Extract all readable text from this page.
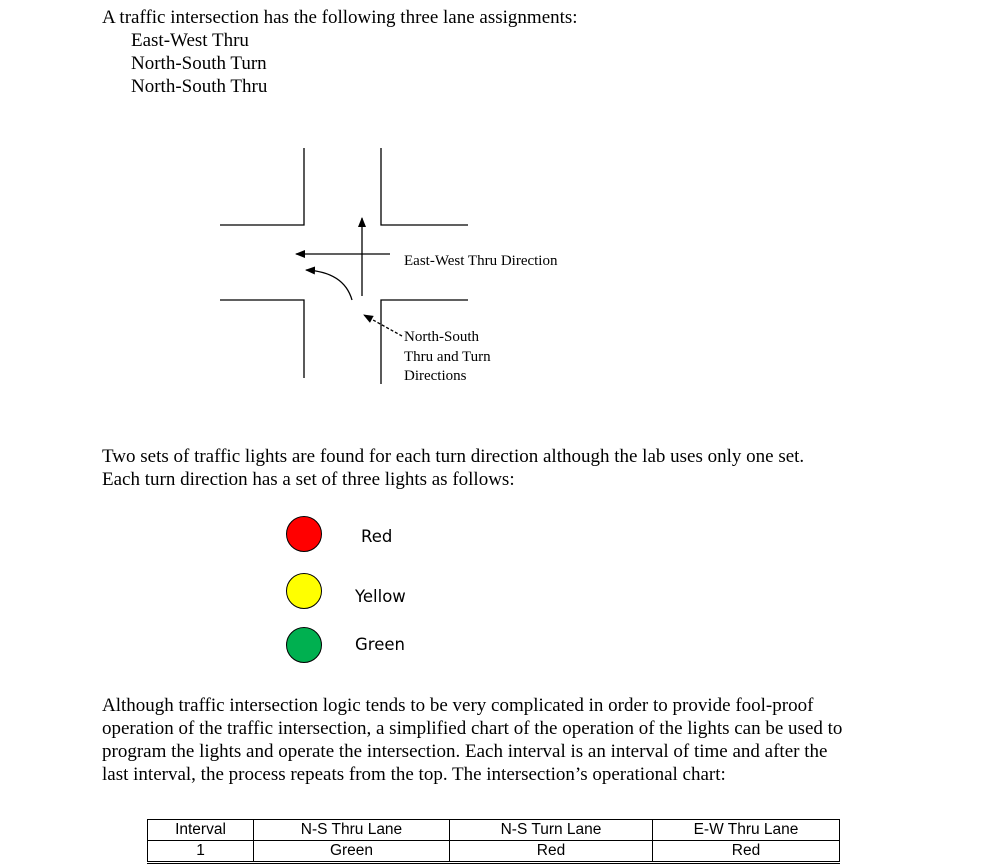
A traffic intersection has the following three lane assignments:
East-West Thru
North-South Turn
North-South Thru
East-West Thru Direction
North-South
Thru and Turn
Directions
Two sets of traffic lights are found for each turn direction although the lab uses only one set.
Each turn direction has a set of three lights as follows:
Red
Yellow
Green
Although traffic intersection logic tends to be very complicated in order to provide fool-proof
operation of the traffic intersection, a simplified chart of the operation of the lights can be used to
program the lights and operate the intersection. Each interval is an interval of time and after the
last interval, the process repeats from the top. The intersection’s operational chart:
Interval	N-S Thru Lane	N-S Turn Lane	E-W Thru Lane
1	Green	Red	Red
